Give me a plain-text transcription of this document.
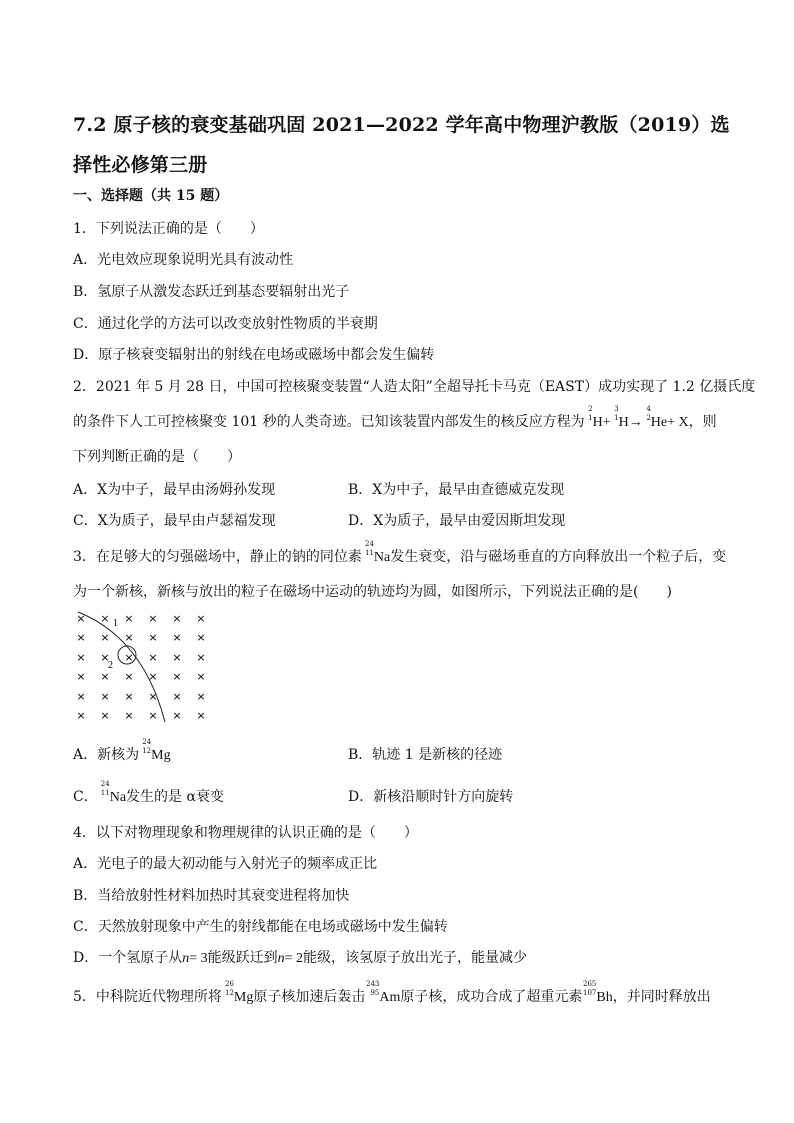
7.2 原子核的衰变基础巩固 2021—2022 学年高中物理沪教版（2019）选择性必修第三册
一、选择题（共 15 题）
1．下列说法正确的是（　　）
A．光电效应现象说明光具有波动性
B．氢原子从激发态跃迁到基态要辐射出光子
C．通过化学的方法可以改变放射性物质的半衰期
D．原子核衰变辐射出的射线在电场或磁场中都会发生偏转
2．2021 年 5 月 28 日，中国可控核聚变装置“人造太阳”全超导托卡马克（EAST）成功实现了 1.2 亿摄氏度
的条件下人工可控核聚变 101 秒的人类奇迹。已知该装置内部发生的核反应方程为
2
1 H+
3
1 H→
4
2 He+ X，则
下列判断正确的是（　　）
A．X为中子，最早由汤姆孙发现	B．X为中子，最早由查德威克发现
C．X为质子，最早由卢瑟福发现	D．X为质子，最早由爱因斯坦发现
3．在足够大的匀强磁场中，静止的钠的同位素
24
11 Na发生衰变，沿与磁场垂直的方向释放出一个粒子后，变
为一个新核，新核与放出的粒子在磁场中运动的轨迹均为圆，如图所示，下列说法正确的是(　　)
×	× × × ×
× × × × × ×
× × × × × ×
× × × × × ×
× × × × × ×
× × × × × ×
× 1
2
A．新核为
24
12 Mg	B．轨迹 1 是新核的径迹
C．
24
11 Na发生的是 α衰变	D．新核沿顺时针方向旋转
4．以下对物理现象和物理规律的认识正确的是（　　）
A．光电子的最大初动能与入射光子的频率成正比
B．当给放射性材料加热时其衰变进程将加快
C．天然放射现象中产生的射线都能在电场或磁场中发生偏转
D．一个氢原子从n= 3能级跃迁到n= 2能级，该氢原子放出光子，能量减少
5．中科院近代物理所将
26
12 Mg原子核加速后轰击
243
95 Am原子核，成功合成了超重元素
265
107 Bh，并同时释放出
